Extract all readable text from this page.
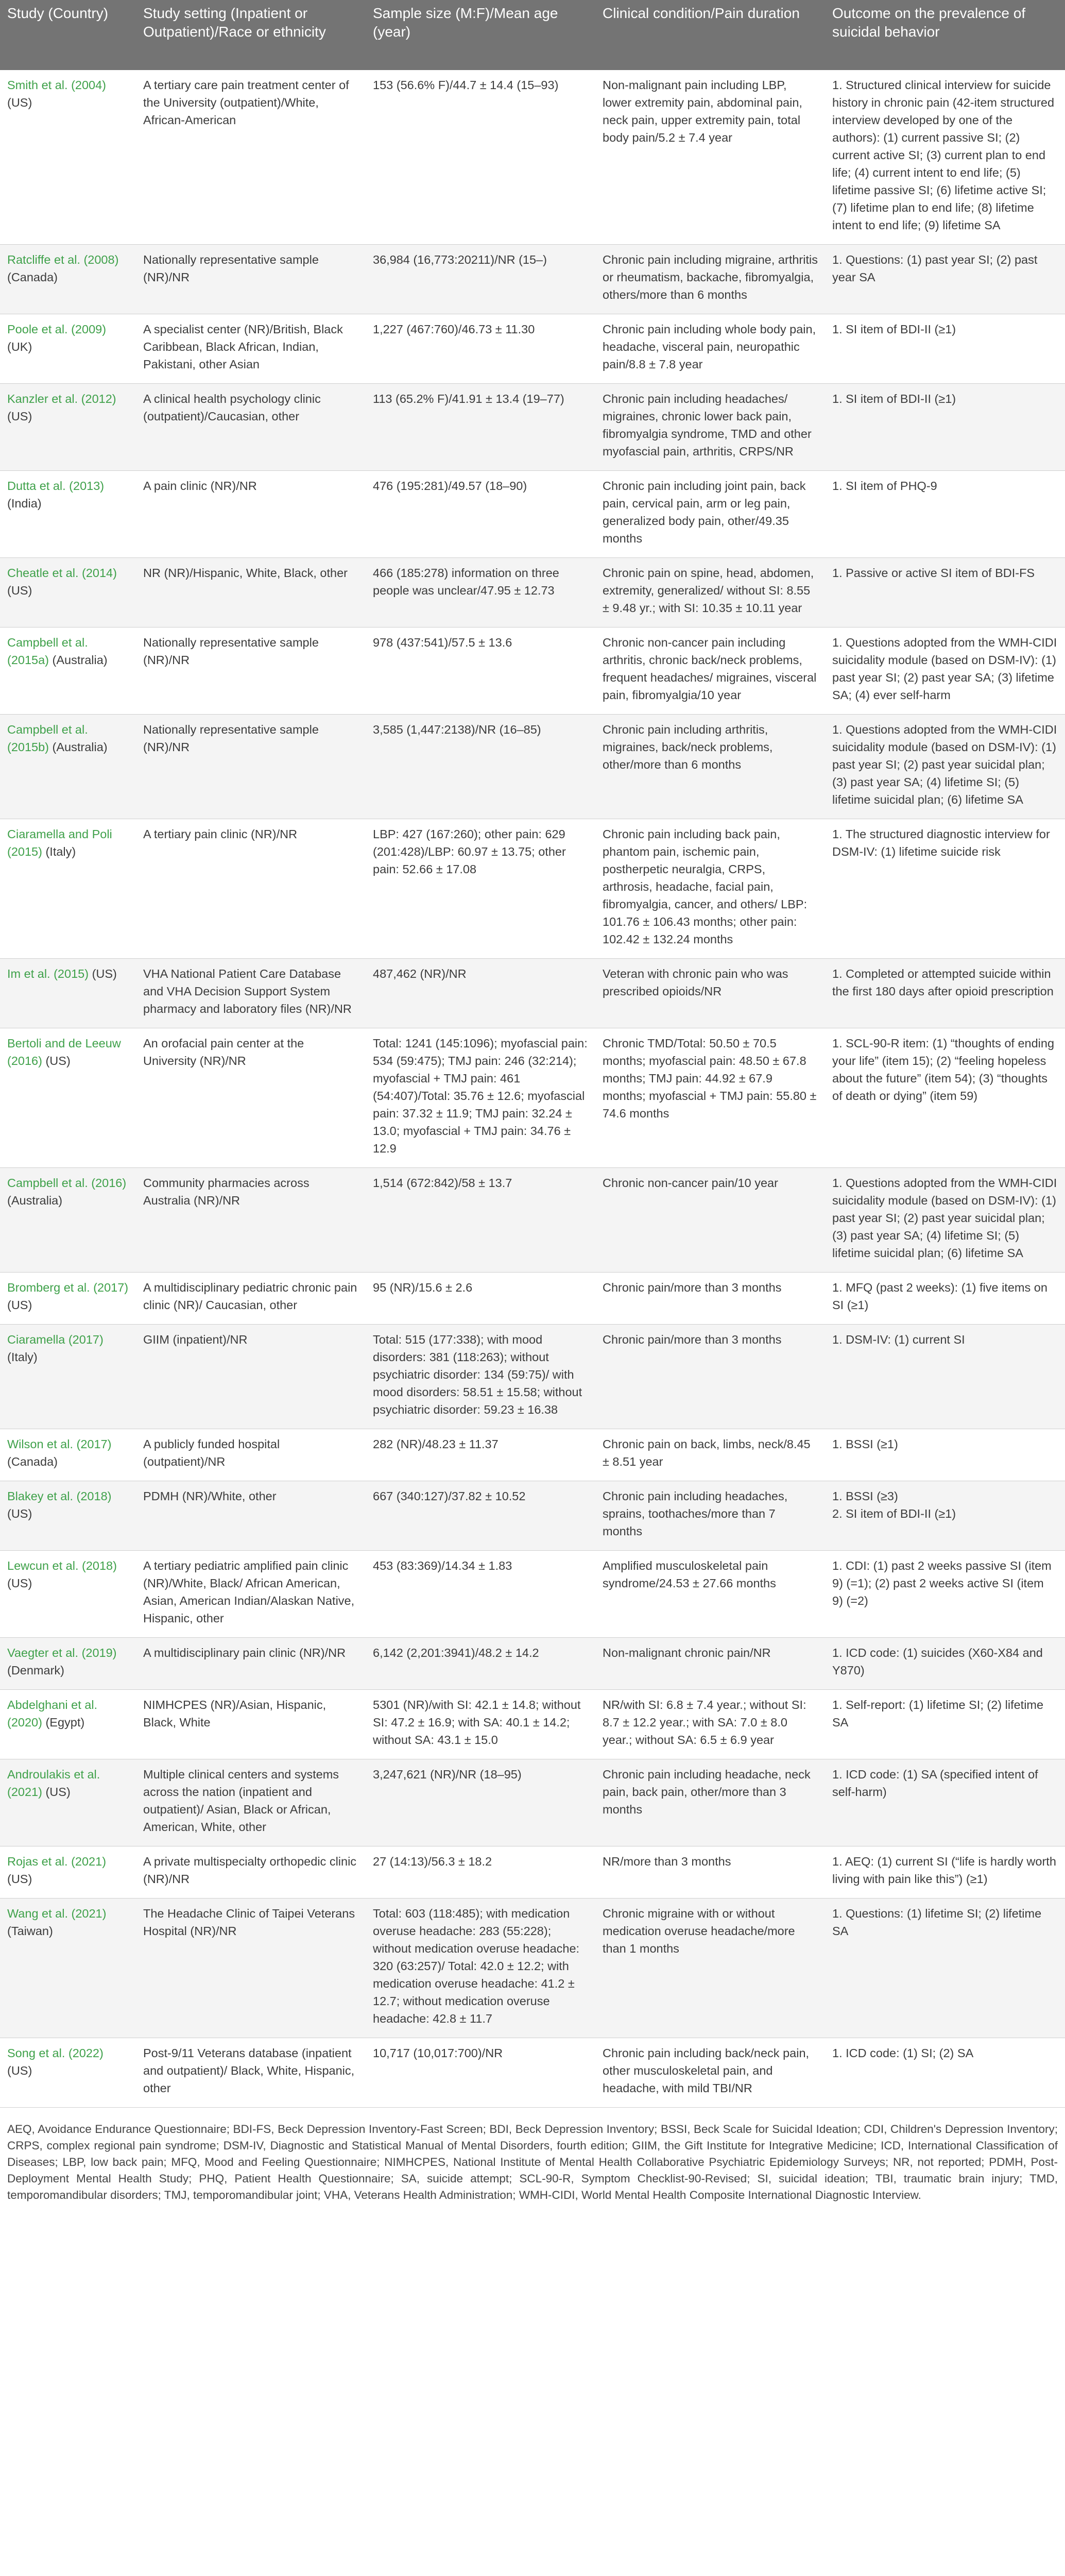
Study (Country)	Study setting (Inpatient or Outpatient)/Race or ethnicity	Sample size (M:F)/Mean age (year)	Clinical condition/Pain duration	Outcome on the prevalence of suicidal behavior
Smith et al. (2004) (US)	A tertiary care pain treatment center of the University (outpatient)/White, African-American	153 (56.6% F)/44.7 ± 14.4 (15–93)	Non-malignant pain including LBP, lower extremity pain, abdominal pain, neck pain, upper extremity pain, total body pain/5.2 ± 7.4 year	1. Structured clinical interview for suicide history in chronic pain (42-item structured interview developed by one of the authors): (1) current passive SI; (2) current active SI; (3) current plan to end life; (4) current intent to end life; (5) lifetime passive SI; (6) lifetime active SI; (7) lifetime plan to end life; (8) lifetime intent to end life; (9) lifetime SA
Ratcliffe et al. (2008) (Canada)	Nationally representative sample (NR)/NR	36,984 (16,773:20211)/NR (15–)	Chronic pain including migraine, arthritis or rheumatism, backache, fibromyalgia, others/more than 6 months	1. Questions: (1) past year SI; (2) past year SA
Poole et al. (2009) (UK)	A specialist center (NR)/British, Black Caribbean, Black African, Indian, Pakistani, other Asian	1,227 (467:760)/46.73 ± 11.30	Chronic pain including whole body pain, headache, visceral pain, neuropathic pain/8.8 ± 7.8 year	1. SI item of BDI-II (≥1)
Kanzler et al. (2012) (US)	A clinical health psychology clinic (outpatient)/Caucasian, other	113 (65.2% F)/41.91 ± 13.4 (19–77)	Chronic pain including headaches/ migraines, chronic lower back pain, fibromyalgia syndrome, TMD and other myofascial pain, arthritis, CRPS/NR	1. SI item of BDI-II (≥1)
Dutta et al. (2013) (India)	A pain clinic (NR)/NR	476 (195:281)/49.57 (18–90)	Chronic pain including joint pain, back pain, cervical pain, arm or leg pain, generalized body pain, other/49.35 months	1. SI item of PHQ-9
Cheatle et al. (2014) (US)	NR (NR)/Hispanic, White, Black, other	466 (185:278) information on three people was unclear/47.95 ± 12.73	Chronic pain on spine, head, abdomen, extremity, generalized/ without SI: 8.55 ± 9.48 yr.; with SI: 10.35 ± 10.11 year	1. Passive or active SI item of BDI-FS
Campbell et al. (2015a) (Australia)	Nationally representative sample (NR)/NR	978 (437:541)/57.5 ± 13.6	Chronic non-cancer pain including arthritis, chronic back/neck problems, frequent headaches/ migraines, visceral pain, fibromyalgia/10 year	1. Questions adopted from the WMH-CIDI suicidality module (based on DSM-IV): (1) past year SI; (2) past year SA; (3) lifetime SA; (4) ever self-harm
Campbell et al. (2015b) (Australia)	Nationally representative sample (NR)/NR	3,585 (1,447:2138)/NR (16–85)	Chronic pain including arthritis, migraines, back/neck problems, other/more than 6 months	1. Questions adopted from the WMH-CIDI suicidality module (based on DSM-IV): (1) past year SI; (2) past year suicidal plan; (3) past year SA; (4) lifetime SI; (5) lifetime suicidal plan; (6) lifetime SA
Ciaramella and Poli (2015) (Italy)	A tertiary pain clinic (NR)/NR	LBP: 427 (167:260); other pain: 629 (201:428)/LBP: 60.97 ± 13.75; other pain: 52.66 ± 17.08	Chronic pain including back pain, phantom pain, ischemic pain, postherpetic neuralgia, CRPS, arthrosis, headache, facial pain, fibromyalgia, cancer, and others/ LBP: 101.76 ± 106.43 months; other pain: 102.42 ± 132.24 months	1. The structured diagnostic interview for DSM-IV: (1) lifetime suicide risk
Im et al. (2015) (US)	VHA National Patient Care Database and VHA Decision Support System pharmacy and laboratory files (NR)/NR	487,462 (NR)/NR	Veteran with chronic pain who was prescribed opioids/NR	1. Completed or attempted suicide within the first 180 days after opioid prescription
Bertoli and de Leeuw (2016) (US)	An orofacial pain center at the University (NR)/NR	Total: 1241 (145:1096); myofascial pain: 534 (59:475); TMJ pain: 246 (32:214); myofascial + TMJ pain: 461 (54:407)/Total: 35.76 ± 12.6; myofascial pain: 37.32 ± 11.9; TMJ pain: 32.24 ± 13.0; myofascial + TMJ pain: 34.76 ± 12.9	Chronic TMD/Total: 50.50 ± 70.5 months; myofascial pain: 48.50 ± 67.8 months; TMJ pain: 44.92 ± 67.9 months; myofascial + TMJ pain: 55.80 ± 74.6 months	1. SCL-90-R item: (1) “thoughts of ending your life” (item 15); (2) “feeling hopeless about the future” (item 54); (3) “thoughts of death or dying” (item 59)
Campbell et al. (2016) (Australia)	Community pharmacies across Australia (NR)/NR	1,514 (672:842)/58 ± 13.7	Chronic non-cancer pain/10 year	1. Questions adopted from the WMH-CIDI suicidality module (based on DSM-IV): (1) past year SI; (2) past year suicidal plan; (3) past year SA; (4) lifetime SI; (5) lifetime suicidal plan; (6) lifetime SA
Bromberg et al. (2017) (US)	A multidisciplinary pediatric chronic pain clinic (NR)/ Caucasian, other	95 (NR)/15.6 ± 2.6	Chronic pain/more than 3 months	1. MFQ (past 2 weeks): (1) five items on SI (≥1)
Ciaramella (2017) (Italy)	GIIM (inpatient)/NR	Total: 515 (177:338); with mood disorders: 381 (118:263); without psychiatric disorder: 134 (59:75)/ with mood disorders: 58.51 ± 15.58; without psychiatric disorder: 59.23 ± 16.38	Chronic pain/more than 3 months	1. DSM-IV: (1) current SI
Wilson et al. (2017) (Canada)	A publicly funded hospital (outpatient)/NR	282 (NR)/48.23 ± 11.37	Chronic pain on back, limbs, neck/8.45 ± 8.51 year	1. BSSI (≥1)
Blakey et al. (2018) (US)	PDMH (NR)/White, other	667 (340:127)/37.82 ± 10.52	Chronic pain including headaches, sprains, toothaches/more than 7 months	1. BSSI (≥3)
2. SI item of BDI-II (≥1)
Lewcun et al. (2018) (US)	A tertiary pediatric amplified pain clinic (NR)/White, Black/ African American, Asian, American Indian/Alaskan Native, Hispanic, other	453 (83:369)/14.34 ± 1.83	Amplified musculoskeletal pain syndrome/24.53 ± 27.66 months	1. CDI: (1) past 2 weeks passive SI (item 9) (=1); (2) past 2 weeks active SI (item 9) (=2)
Vaegter et al. (2019) (Denmark)	A multidisciplinary pain clinic (NR)/NR	6,142 (2,201:3941)/48.2 ± 14.2	Non-malignant chronic pain/NR	1. ICD code: (1) suicides (X60-X84 and Y870)
Abdelghani et al. (2020) (Egypt)	NIMHCPES (NR)/Asian, Hispanic, Black, White	5301 (NR)/with SI: 42.1 ± 14.8; without SI: 47.2 ± 16.9; with SA: 40.1 ± 14.2; without SA: 43.1 ± 15.0	NR/with SI: 6.8 ± 7.4 year.; without SI: 8.7 ± 12.2 year.; with SA: 7.0 ± 8.0 year.; without SA: 6.5 ± 6.9 year	1. Self-report: (1) lifetime SI; (2) lifetime SA
Androulakis et al. (2021) (US)	Multiple clinical centers and systems across the nation (inpatient and outpatient)/ Asian, Black or African, American, White, other	3,247,621 (NR)/NR (18–95)	Chronic pain including headache, neck pain, back pain, other/more than 3 months	1. ICD code: (1) SA (specified intent of self-harm)
Rojas et al. (2021) (US)	A private multispecialty orthopedic clinic (NR)/NR	27 (14:13)/56.3 ± 18.2	NR/more than 3 months	1. AEQ: (1) current SI (“life is hardly worth living with pain like this”) (≥1)
Wang et al. (2021) (Taiwan)	The Headache Clinic of Taipei Veterans Hospital (NR)/NR	Total: 603 (118:485); with medication overuse headache: 283 (55:228); without medication overuse headache: 320 (63:257)/ Total: 42.0 ± 12.2; with medication overuse headache: 41.2 ± 12.7; without medication overuse headache: 42.8 ± 11.7	Chronic migraine with or without medication overuse headache/more than 1 months	1. Questions: (1) lifetime SI; (2) lifetime SA
Song et al. (2022) (US)	Post-9/11 Veterans database (inpatient and outpatient)/ Black, White, Hispanic, other	10,717 (10,017:700)/NR	Chronic pain including back/neck pain, other musculoskeletal pain, and headache, with mild TBI/NR	1. ICD code: (1) SI; (2) SA
AEQ, Avoidance Endurance Questionnaire; BDI-FS, Beck Depression Inventory-Fast Screen; BDI, Beck Depression Inventory; BSSI, Beck Scale for Suicidal Ideation; CDI, Children's Depression Inventory; CRPS, complex regional pain syndrome; DSM-IV, Diagnostic and Statistical Manual of Mental Disorders, fourth edition; GIIM, the Gift Institute for Integrative Medicine; ICD, International Classification of Diseases; LBP, low back pain; MFQ, Mood and Feeling Questionnaire; NIMHCPES, National Institute of Mental Health Collaborative Psychiatric Epidemiology Surveys; NR, not reported; PDMH, Post-Deployment Mental Health Study; PHQ, Patient Health Questionnaire; SA, suicide attempt; SCL-90-R, Symptom Checklist-90-Revised; SI, suicidal ideation; TBI, traumatic brain injury; TMD, temporomandibular disorders; TMJ, temporomandibular joint; VHA, Veterans Health Administration; WMH-CIDI, World Mental Health Composite International Diagnostic Interview.
